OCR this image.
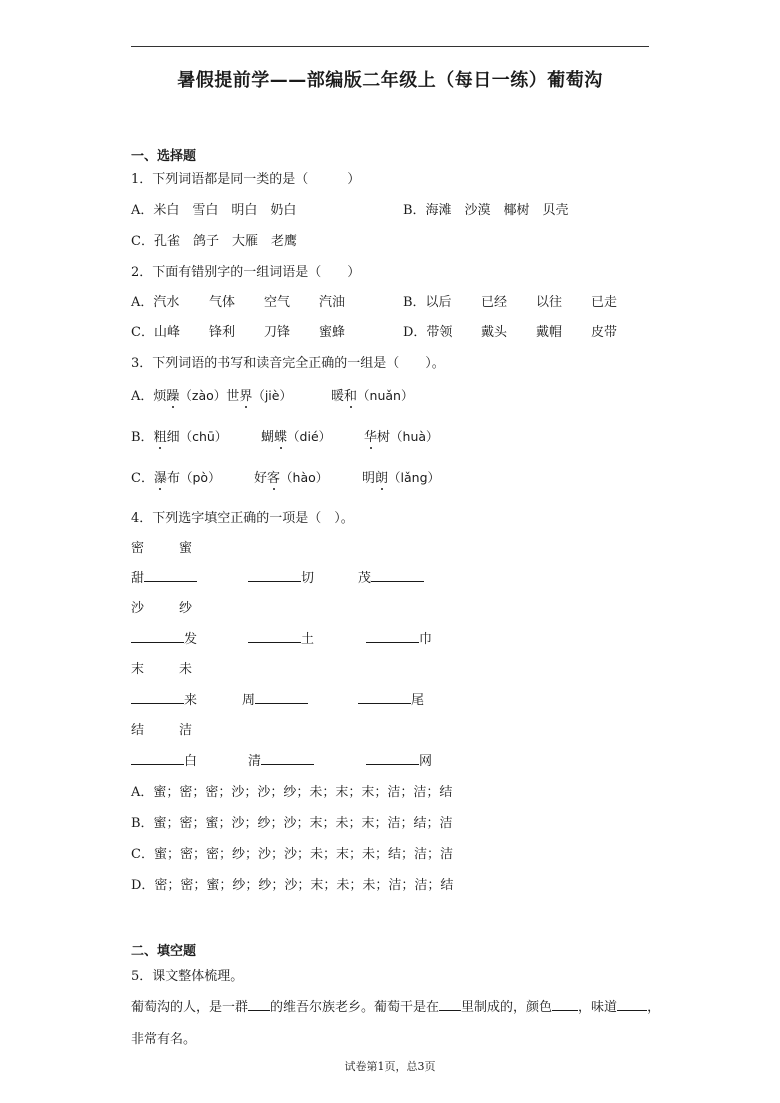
暑假提前学——部编版二年级上（每日一练）葡萄沟
一、选择题
1．下列词语都是同一类的是（　　　）
A．米白　雪白　明白　奶白	B．海滩　沙漠　椰树　贝壳
C．孔雀　鸽子　大雁　老鹰
2．下面有错别字的一组词语是（　　）
A．汽水 气体 空气 汽油	B．以后 已经 以往 已走
C．山峰 锋利 刀锋 蜜蜂	D．带领 戴头 戴帽 皮带
3．下列词语的书写和读音完全正确的一组是（　　）。
A．烦躁（zào）世界（jiè）	暖和（nuǎn）
B．粗细（chū）	蝴蝶（dié）	华树（huà）
C．瀑布（pò）	好客（hào）	明朗（lǎng）
4．下列选字填空正确的一项是（　）。
密	蜜
甜	切	茂
沙	纱
发	土	巾
末	未
来	周	尾
结	洁
白	清	网
A．蜜；密；密；沙；沙；纱；未；末；末；洁；洁；结
B．蜜；密；蜜；沙；纱；沙；末；未；末；洁；结；洁
C．蜜；密；密；纱；沙；沙；未；末；未；结；洁；洁
D．密；密；蜜；纱；纱；沙；末；未；未；洁；洁；结
二、填空题
5．课文整体梳理。
葡萄沟的人，是一群 的维吾尔族老乡。葡萄干是在 里制成的，颜色 ，味道 ，
非常有名。
试卷第1页，总3页
